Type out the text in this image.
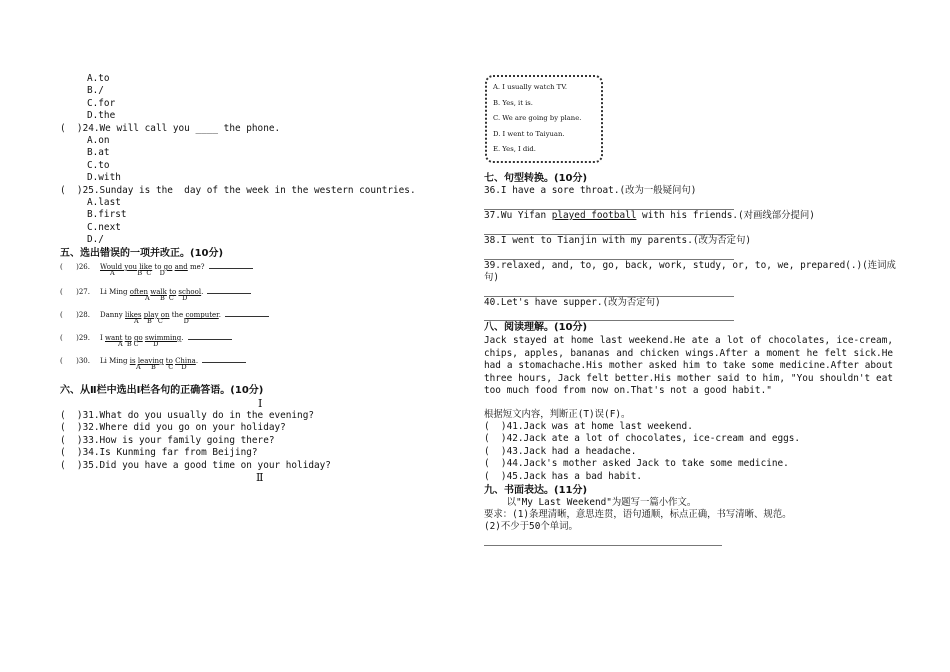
A.to
B./
C.for
D.the
(  )24.We will call you ____ the phone.
A.on
B.at
C.to
D.with
(  )25.Sunday is the  day of the week in the western countries.
A.last
B.first
C.next
D./
五、选出错误的一项并改正。(10分)
(      )26. Would you like to go and me?
A           B  C    D
(      )27. Li Ming often walk to school.
A     B  C    D
(      )28. Danny likes play on the computer.
A    B   C          D
(      )29. I want to go swimming.
A  B C       D
(      )30. Li Ming is leaving to China.
A     B      C    D
六、从Ⅱ栏中选出Ⅰ栏各句的正确答语。(10分)
Ⅰ
(  )31.What do you usually do in the evening?
(  )32.Where did you go on your holiday?
(  )33.How is your family going there?
(  )34.Is Kunming far from Beijing?
(  )35.Did you have a good time on your holiday?
Ⅱ
A. I usually watch TV.
B. Yes, it is.
C. We are going by plane.
D. I went to Taiyuan.
E. Yes, I did.
七、句型转换。(10分)
36.I have a sore throat.(改为一般疑问句)
37.Wu Yifan played football with his friends.(对画线部分提问)
38.I went to Tianjin with my parents.(改为否定句)
39.relaxed, and, to, go, back, work, study, or, to, we, prepared(.)(连词成
句)
40.Let's have supper.(改为否定句)
八、阅读理解。(10分)
Jack stayed at home last weekend.He ate a lot of chocolates, ice-cream, chips, apples, bananas and chicken wings.After a moment he felt sick.He had a stomachache.His mother asked him to take some medicine.After about three hours, Jack felt better.His mother said to him, "You shouldn't eat too much food from now on.That's not a good habit."
根据短文内容，判断正(T)误(F)。
(  )41.Jack was at home last weekend.
(  )42.Jack ate a lot of chocolates, ice-cream and eggs.
(  )43.Jack had a headache.
(  )44.Jack's mother asked Jack to take some medicine.
(  )45.Jack has a bad habit.
九、书面表达。(11分)
以"My Last Weekend"为题写一篇小作文。
要求：(1)条理清晰，意思连贯，语句通顺，标点正确，书写清晰、规范。
(2)不少于50个单词。
